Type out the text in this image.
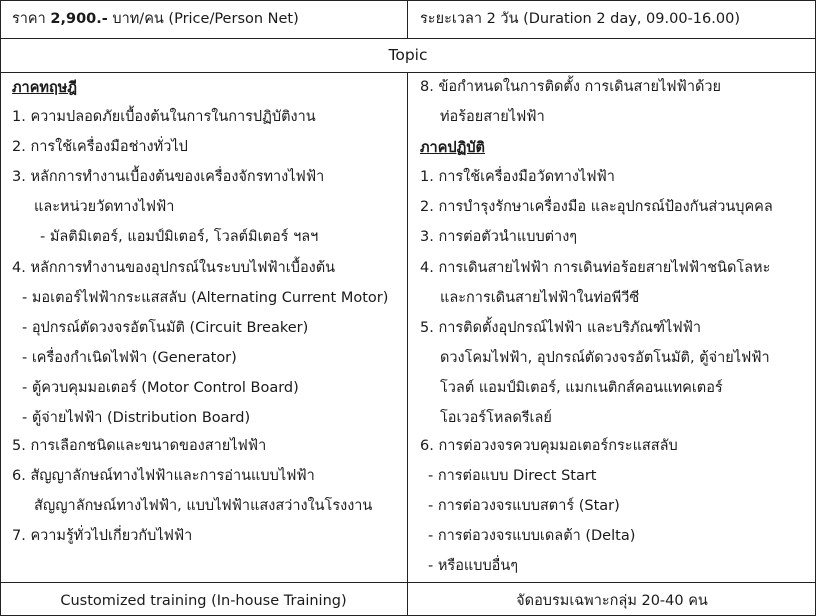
ราคา 2,900.- บาท/คน (Price/Person Net)	ระยะเวลา 2 วัน (Duration 2 day, 09.00-16.00)
Topic
ภาคทฤษฎี
1. ความปลอดภัยเบื้องต้นในการในการปฏิบัติงาน
2. การใช้เครื่องมือช่างทั่วไป
3. หลักการทำงานเบื้องต้นของเครื่องจักรทางไฟฟ้า
และหน่วยวัดทางไฟฟ้า
- มัลติมิเตอร์, แอมป์มิเตอร์, โวลต์มิเตอร์ ฯลฯ
4. หลักการทำงานของอุปกรณ์ในระบบไฟฟ้าเบื้องต้น
- มอเตอร์ไฟฟ้ากระแสสลับ (Alternating Current Motor)
- อุปกรณ์ตัดวงจรอัตโนมัติ (Circuit Breaker)
- เครื่องกำเนิดไฟฟ้า (Generator)
- ตู้ควบคุมมอเตอร์ (Motor Control Board)
- ตู้จ่ายไฟฟ้า (Distribution Board)
5. การเลือกชนิดและขนาดของสายไฟฟ้า
6. สัญญาลักษณ์ทางไฟฟ้าและการอ่านแบบไฟฟ้า
สัญญาลักษณ์ทางไฟฟ้า, แบบไฟฟ้าแสงสว่างในโรงงาน
7. ความรู้ทั่วไปเกี่ยวกับไฟฟ้า
8. ข้อกำหนดในการติดตั้ง การเดินสายไฟฟ้าด้วย
ท่อร้อยสายไฟฟ้า
ภาคปฏิบัติ
1. การใช้เครื่องมือวัดทางไฟฟ้า
2. การบำรุงรักษาเครื่องมือ และอุปกรณ์ป้องกันส่วนบุคคล
3. การต่อตัวนำแบบต่างๆ
4. การเดินสายไฟฟ้า การเดินท่อร้อยสายไฟฟ้าชนิดโลหะ
และการเดินสายไฟฟ้าในท่อพีวีซี
5. การติดตั้งอุปกรณ์ไฟฟ้า และบริภัณฑ์ไฟฟ้า
ดวงโคมไฟฟ้า, อุปกรณ์ตัดวงจรอัตโนมัติ, ตู้จ่ายไฟฟ้า
โวลต์ แอมป์มิเตอร์, แมกเนติกส์คอนแทคเตอร์
โอเวอร์โหลดรีเลย์
6. การต่อวงจรควบคุมมอเตอร์กระแสสลับ
- การต่อแบบ Direct Start
- การต่อวงจรแบบสตาร์ (Star)
- การต่อวงจรแบบเดลต้า (Delta)
- หรือแบบอื่นๆ
Customized training (In-house Training)	จัดอบรมเฉพาะกลุ่ม 20-40 คน
